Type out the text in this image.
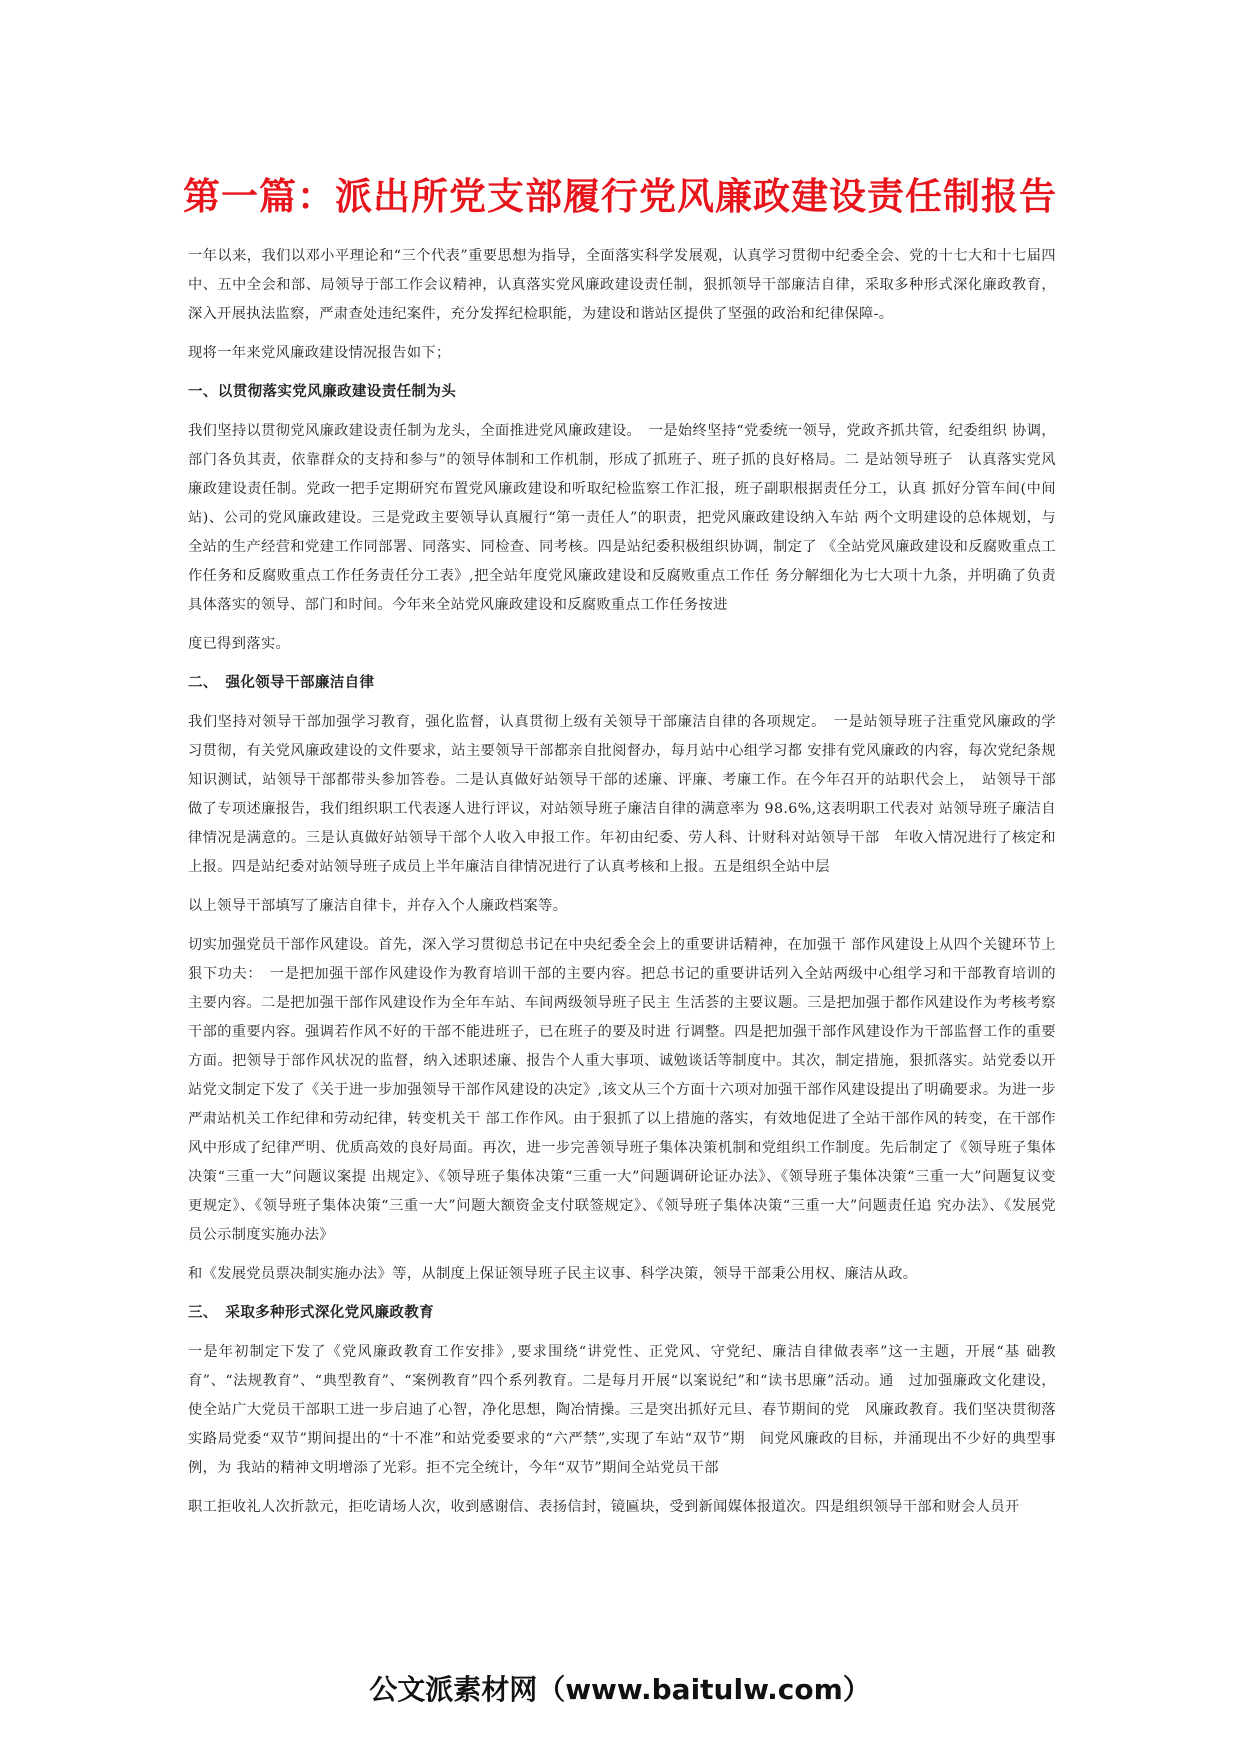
第一篇：派出所党支部履行党风廉政建设责任制报告

一年以来，我们以邓小平理论和“三个代表”重要思想为指导，全面落实科学发展观，认真学习贯彻中纪委全会、党的十七大和十七届四中、五中全会和部、局领导于部工作会议精神，认真落实党风廉政建设责任制，狠抓领导干部廉洁自律，采取多种形式深化廉政教育，深入开展执法监察，严肃查处违纪案件，充分发挥纪检职能，为建设和谐站区提供了坚强的政治和纪律保障-。

现将一年来党风廉政建设情况报告如下；

一、以贯彻落实党风廉政建设责任制为头

我们坚持以贯彻党风廉政建设责任制为龙头，全面推进党风廉政建设。　一是始终坚持“党委统一领导，党政齐抓共管，纪委组织 协调，部门各负其责，依靠群众的支持和参与”的领导体制和工作机制，形成了抓班子、班子抓的良好格局。二 是站领导班子　认真落实党风廉政建设责任制。党政一把手定期研究布置党风廉政建设和听取纪检监察工作汇报，班子副职根据责任分工，认真 抓好分管车间(中间站)、公司的党风廉政建设。三是党政主要领导认真履行“第一责任人”的职责，把党风廉政建设纳入车站 两个文明建设的总体规划，与全站的生产经营和党建工作同部署、同落实、同检查、同考核。四是站纪委积极组织协调，制定了 《全站党风廉政建设和反腐败重点工作任务和反腐败重点工作任务责任分工表》,把全站年度党风廉政建设和反腐败重点工作任 务分解细化为七大项十九条，并明确了负责具体落实的领导、部门和时间。今年来全站党风廉政建设和反腐败重点工作任务按进

度已得到落实。

二、　强化领导干部廉洁自律

我们坚持对领导干部加强学习教育，强化监督，认真贯彻上级有关领导干部廉洁自律的各项规定。　一是站领导班子注重党风廉政的学习贯彻，有关党风廉政建设的文件要求，站主要领导干部都亲自批阅督办，每月站中心组学习都 安排有党风廉政的内容，每次党纪条规知识测试，站领导干部都带头参加答卷。二是认真做好站领导干部的述廉、评廉、考廉工作。在今年召开的站职代会上，　站领导干部做了专项述廉报告，我们组织职工代表逐人进行评议，对站领导班子廉洁自律的满意率为 98.6%,这表明职工代表对 站领导班子廉洁自律情况是满意的。三是认真做好站领导干部个人收入申报工作。年初由纪委、劳人科、计财科对站领导干部　年收入情况进行了核定和上报。四是站纪委对站领导班子成员上半年廉洁自律情况进行了认真考核和上报。五是组织全站中层

以上领导干部填写了廉洁自律卡，并存入个人廉政档案等。

切实加强党员干部作风建设。首先，深入学习贯彻总书记在中央纪委全会上的重要讲话精神，在加强干 部作风建设上从四个关键环节上狠下功夫：　一是把加强干部作风建设作为教育培训干部的主要内容。把总书记的重要讲话列入全站两级中心组学习和干部教育培训的主要内容。二是把加强干部作风建设作为全年车站、车间两级领导班子民主 生活荟的主要议题。三是把加强于都作风建设作为考核考察干部的重要内容。强调若作风不好的干部不能进班子，已在班子的要及时进 行调整。四是把加强干部作风建设作为干部监督工作的重要方面。把领导于部作风状况的监督，纳入述职述廉、报告个人重大事项、诚勉谈话等制度中。其次，制定措施，狠抓落实。站党委以开站党文制定下发了《关于进一步加强领导干部作风建设的决定》,该文从三个方面十六项对加强干部作风建设提出了明确要求。为进一步严肃站机关工作纪律和劳动纪律，转变机关干 部工作作风。由于狠抓了以上措施的落实，有效地促进了全站干部作风的转变，在干部作风中形成了纪律严明、优质高效的良好局面。再次，进一步完善领导班子集体决策机制和党组织工作制度。先后制定了《领导班子集体决策“三重一大”问题议案提 出规定》、《领导班子集体决策“三重一大”问题调研论证办法》、《领导班子集体决策“三重一大”问题复议变更规定》、《领导班子集体决策“三重一大”问题大额资金支付联签规定》、《领导班子集体决策“三重一大”问题责任追 究办法》、《发展党员公示制度实施办法》

和《发展党员票决制实施办法》等，从制度上保证领导班子民主议事、科学决策，领导干部秉公用权、廉洁从政。

三、　采取多种形式深化党风廉政教育

一是年初制定下发了《党风廉政教育工作安排》,要求围绕“讲党性、正党风、守党纪、廉洁自律做表率”这一主题，开展“基 础教育”、“法规教育”、“典型教育”、“案例教育”四个系列教育。二是每月开展“以案说纪”和“读书思廉”活动。通　过加强廉政文化建设，使全站广大党员干部职工进一步启迪了心智，净化思想，陶冶情操。三是突出抓好元旦、春节期间的党　风廉政教育。我们坚决贯彻落实路局党委“双节”期间提出的“十不准”和站党委要求的“六严禁”,实现了车站“双节”期　间党风廉政的目标，并涌现出不少好的典型事例，为 我站的精神文明增添了光彩。拒不完全统计，今年“双节”期间全站党员干部

职工拒收礼人次折款元，拒吃请场人次，收到感谢信、表扬信封，镜匾块，受到新闻媒体报道次。四是组织领导干部和财会人员开

公文派素材网（www.baitulw.com）
